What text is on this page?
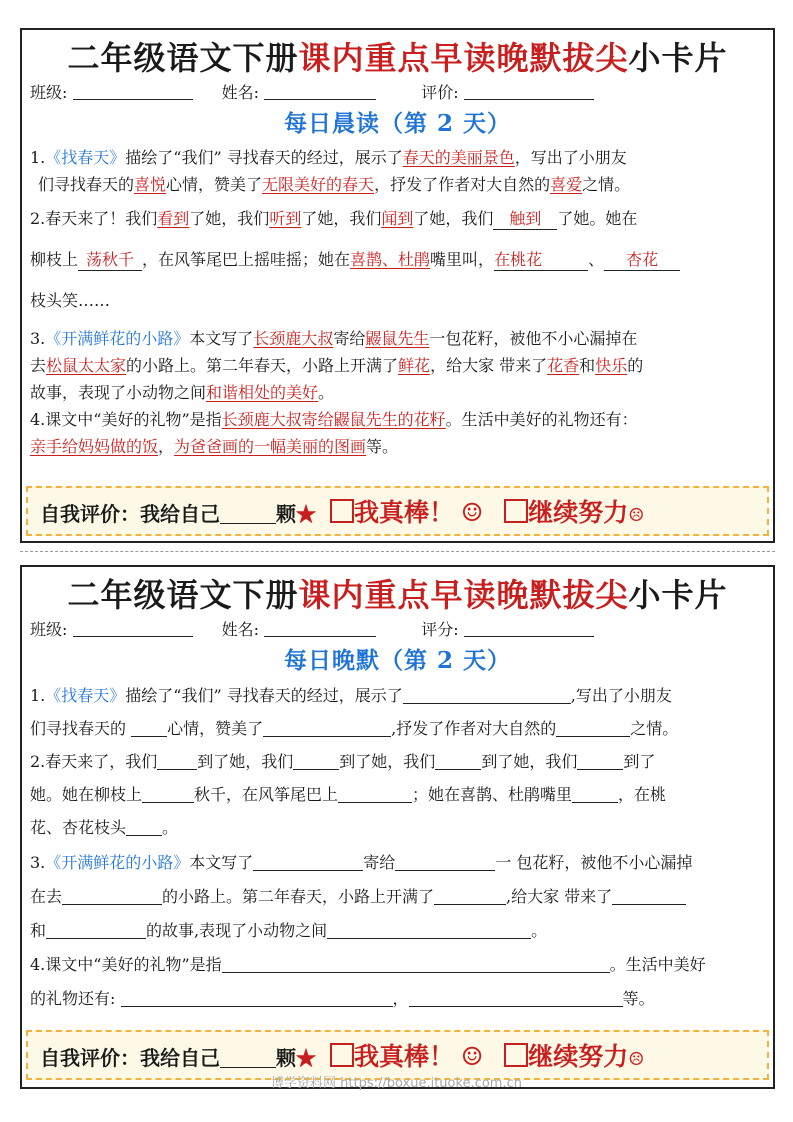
二年级语文下册课内重点早读晚默拔尖小卡片
班级:	姓名:	评价:
每日晨读（第 2 天）
1.《找春天》描绘了“我们” 寻找春天的经过，展示了春天的美丽景色，写出了小朋友
们寻找春天的喜悦心情，赞美了无限美好的春天，抒发了作者对大自然的喜爱之情。
2.春天来了！我们看到了她，我们听到了她，我们闻到了她，我们 触到 了她。她在
柳枝上 荡秋千 ，在风筝尾巴上摇哇摇；她在喜鹊、杜鹃嘴里叫，在桃花	、 杏花
枝头笑……
3.《开满鲜花的小路》本文写了长颈鹿大叔寄给鼹鼠先生一包花籽，被他不小心漏掉在
去松鼠太太家的小路上。第二年春天，小路上开满了鲜花，给大家 带来了花香和快乐的
故事，表现了小动物之间和谐相处的美好。
4.课文中“美好的礼物”是指长颈鹿大叔寄给鼹鼠先生的花籽。生活中美好的礼物还有：
亲手给妈妈做的饭，为爸爸画的一幅美丽的图画等。
自我评价：我给自己	颗★ 我真棒！ ☺ 继续努力☹
二年级语文下册课内重点早读晚默拔尖小卡片
班级:	姓名:	评分:
每日晚默（第 2 天）
1.《找春天》描绘了“我们” 寻找春天的经过，展示了	,写出了小朋友
们寻找春天的	心情，赞美了	,抒发了作者对大自然的	之情。
2.春天来了，我们	到了她，我们	到了她，我们	到了她，我们	到了
她。她在柳枝上	秋千，在风筝尾巴上	；她在喜鹊、杜鹃嘴里	，在桃
花、杏花枝头 。
3.《开满鲜花的小路》本文写了	寄给	一 包花籽，被他不小心漏掉
在去	的小路上。第二年春天，小路上开满了	,给大家 带来了
和	的故事,表现了小动物之间	。
4.课文中“美好的礼物”是指	。生活中美好
的礼物还有:	，	等。
自我评价：我给自己	颗★ 我真棒！ ☺ 继续努力☹
博学资料网 https://boxue.ituoke.com.cn
